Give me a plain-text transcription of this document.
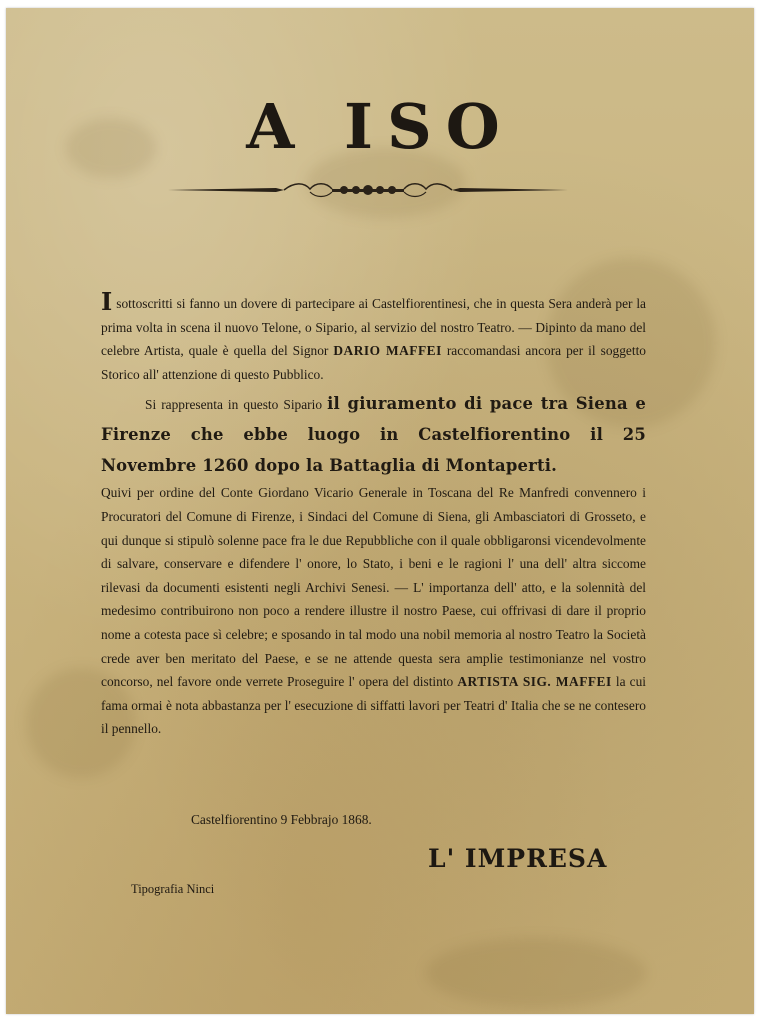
A ISO

Isottoscritti si fanno un dovere di partecipare ai Castelfiorentinesi, che in questa Sera anderà per la prima volta in scena il nuovo Telone, o Sipario, al servizio del nostro Teatro. — Dipinto da mano del celebre Artista, quale è quella del Signor DARIO MAFFEI raccomandasi ancora per il soggetto Storico all' attenzione di questo Pubblico.

Si rappresenta in questo Sipario il giuramento di pace tra Siena e Firenze che ebbe luogo in Castelfiorentino il 25 Novembre 1260 dopo la Battaglia di Montaperti.

Quivi per ordine del Conte Giordano Vicario Generale in Toscana del Re Manfredi convennero i Procuratori del Comune di Firenze, i Sindaci del Comune di Siena, gli Ambasciatori di Grosseto, e qui dunque si stipulò solenne pace fra le due Repubbliche con il quale obbligaronsi vicendevolmente di salvare, conservare e difendere l' onore, lo Stato, i beni e le ragioni l' una dell' altra siccome rilevasi da documenti esistenti negli Archivi Senesi. — L' importanza dell' atto, e la solennità del medesimo contribuirono non poco a rendere illustre il nostro Paese, cui offrivasi di dare il proprio nome a cotesta pace sì celebre; e sposando in tal modo una nobil memoria al nostro Teatro la Società crede aver ben meritato del Paese, e se ne attende questa sera amplie testimonianze nel vostro concorso, nel favore onde verrete Proseguire l' opera del distinto ARTISTA SIG. MAFFEI la cui fama ormai è nota abbastanza per l' esecuzione di siffatti lavori per Teatri d' Italia che se ne contesero il pennello.

Castelfiorentino 9 Febbrajo 1868.
L' IMPRESA
Tipografia Ninci
